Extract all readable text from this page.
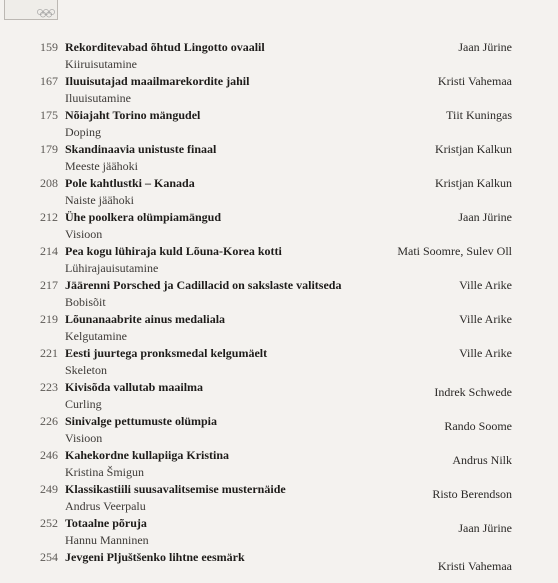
159 Rekorditevabad õhtud Lingotto ovaalil
Kiiruisutamine
Jaan Jürine
167 Iluuisutajad maailmarekordite jahil
Iluuisutamine
Kristi Vahemaa
175 Nõiajaht Torino mängudel
Doping
Tiit Kuningas
179 Skandinaavia unistuste finaal
Meeste jäähoki
Kristjan Kalkun
208 Pole kahtlustki – Kanada
Naiste jäähoki
Kristjan Kalkun
212 Ühe poolkera olümpiamängud
Visioon
Jaan Jürine
214 Pea kogu lühiraja kuld Lõuna-Korea kotti
Lühirajauisutamine
Mati Soomre, Sulev Oll
217 Jäärenni Porsched ja Cadillacid on sakslaste valitseda
Bobisõit
Ville Arike
219 Lõunanaabrite ainus medaliala
Kelgutamine
Ville Arike
221 Eesti juurtega pronksmedal kelgumäelt
Skeleton
Ville Arike
223 Kivisõda vallutab maailma
Curling
Indrek Schwede
226 Sinivalge pettumuste olümpia
Visioon
Rando Soome
246 Kahekordne kullapiiga Kristina
Kristina Šmigun
Andrus Nilk
249 Klassikastiili suusavalitsemise musternäide
Andrus Veerpalu
Risto Berendson
252 Totaalne põruja
Hannu Manninen
Jaan Jürine
254 Jevgeni Pljuštšenko lihtne eesmärk
Kristi Vahemaa
